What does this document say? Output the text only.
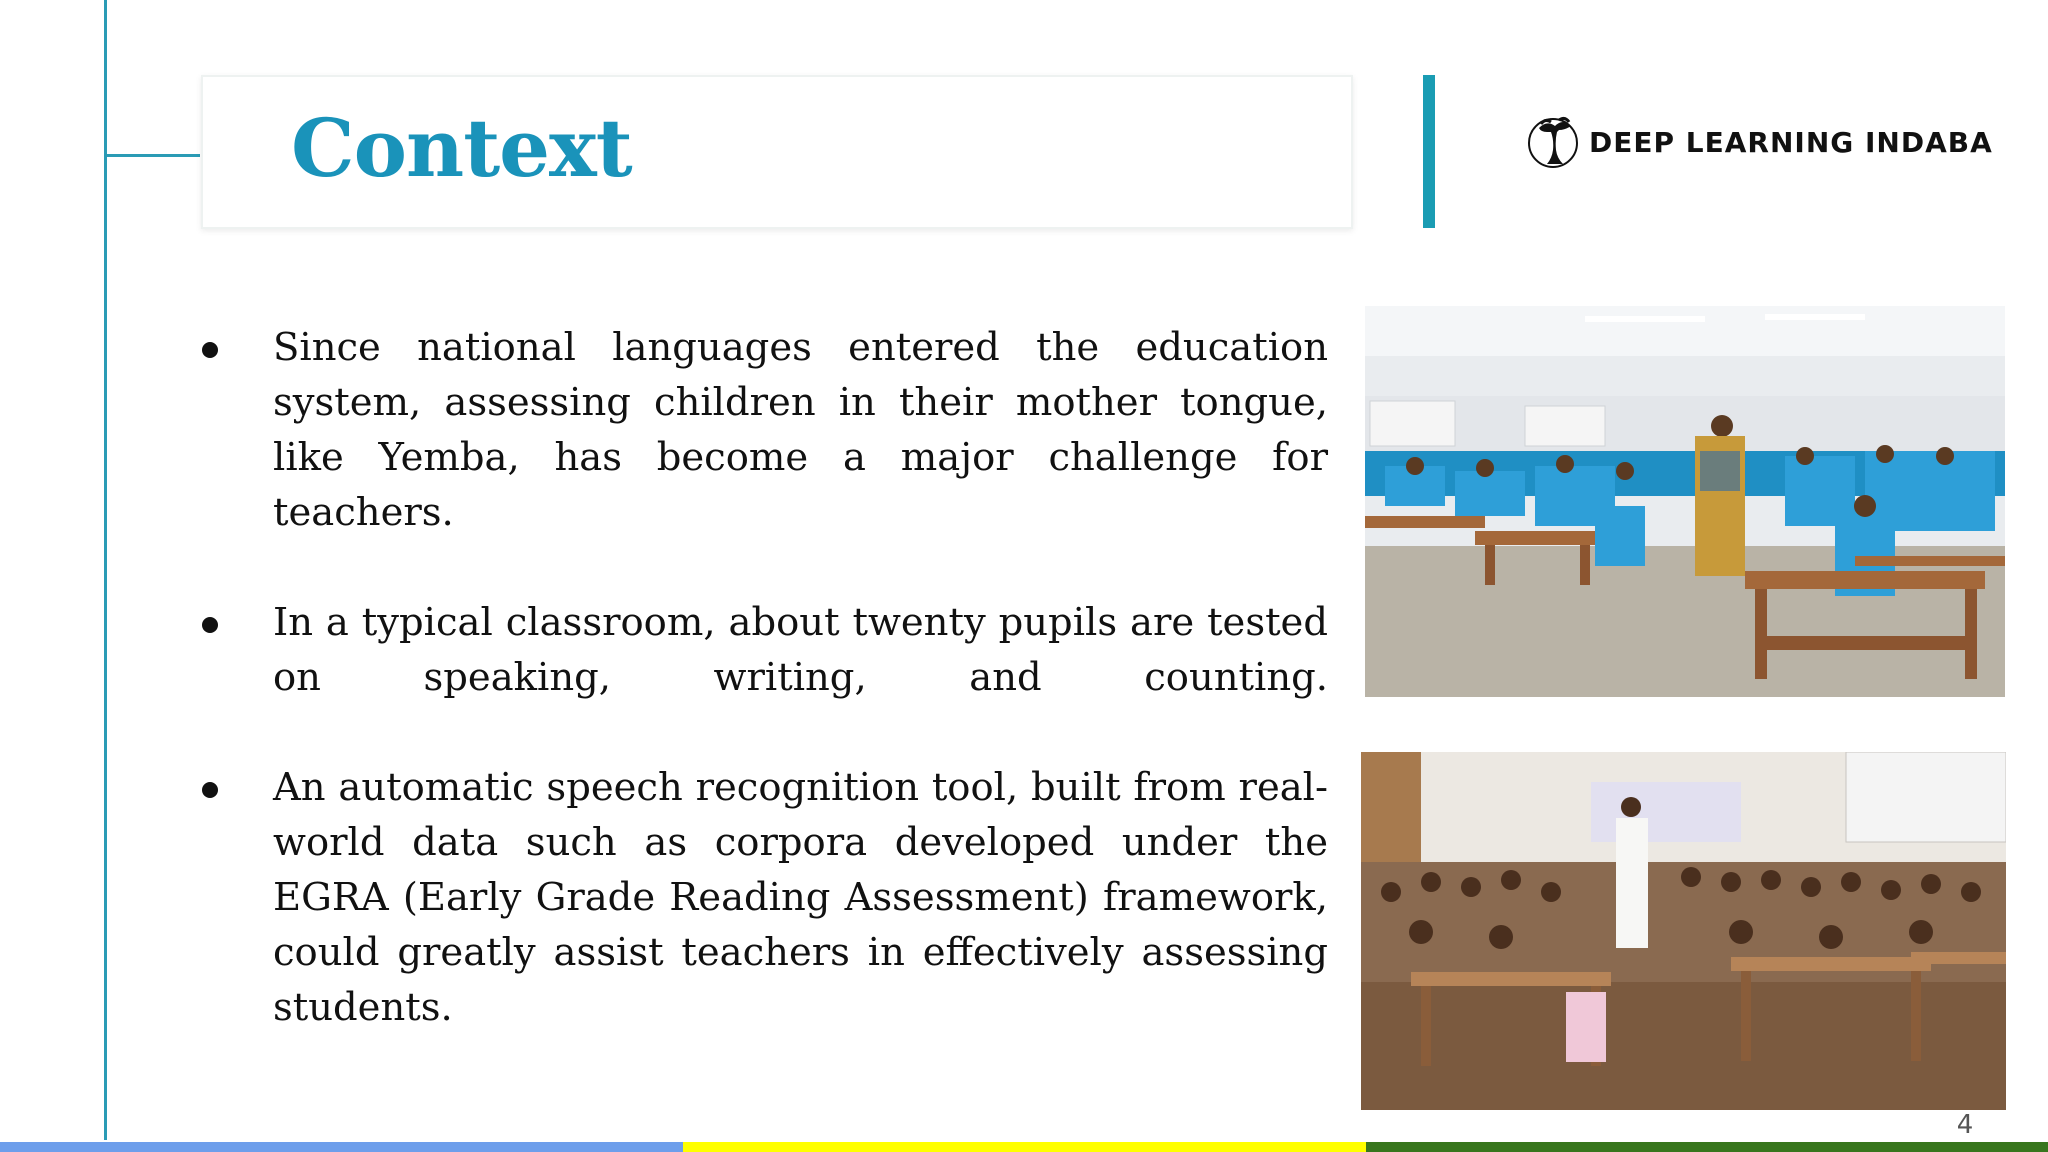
Context	DEEP LEARNING INDABA
Since national languages entered the education system, assessing children in their mother tongue, like Yemba, has become a major challenge for teachers.
In a typical classroom, about twenty pupils are tested on speaking, writing, and counting.
An automatic speech recognition tool, built from real-world data such as corpora developed under the EGRA (Early Grade Reading Assessment) framework, could greatly assist teachers in effectively assessing students.
4
